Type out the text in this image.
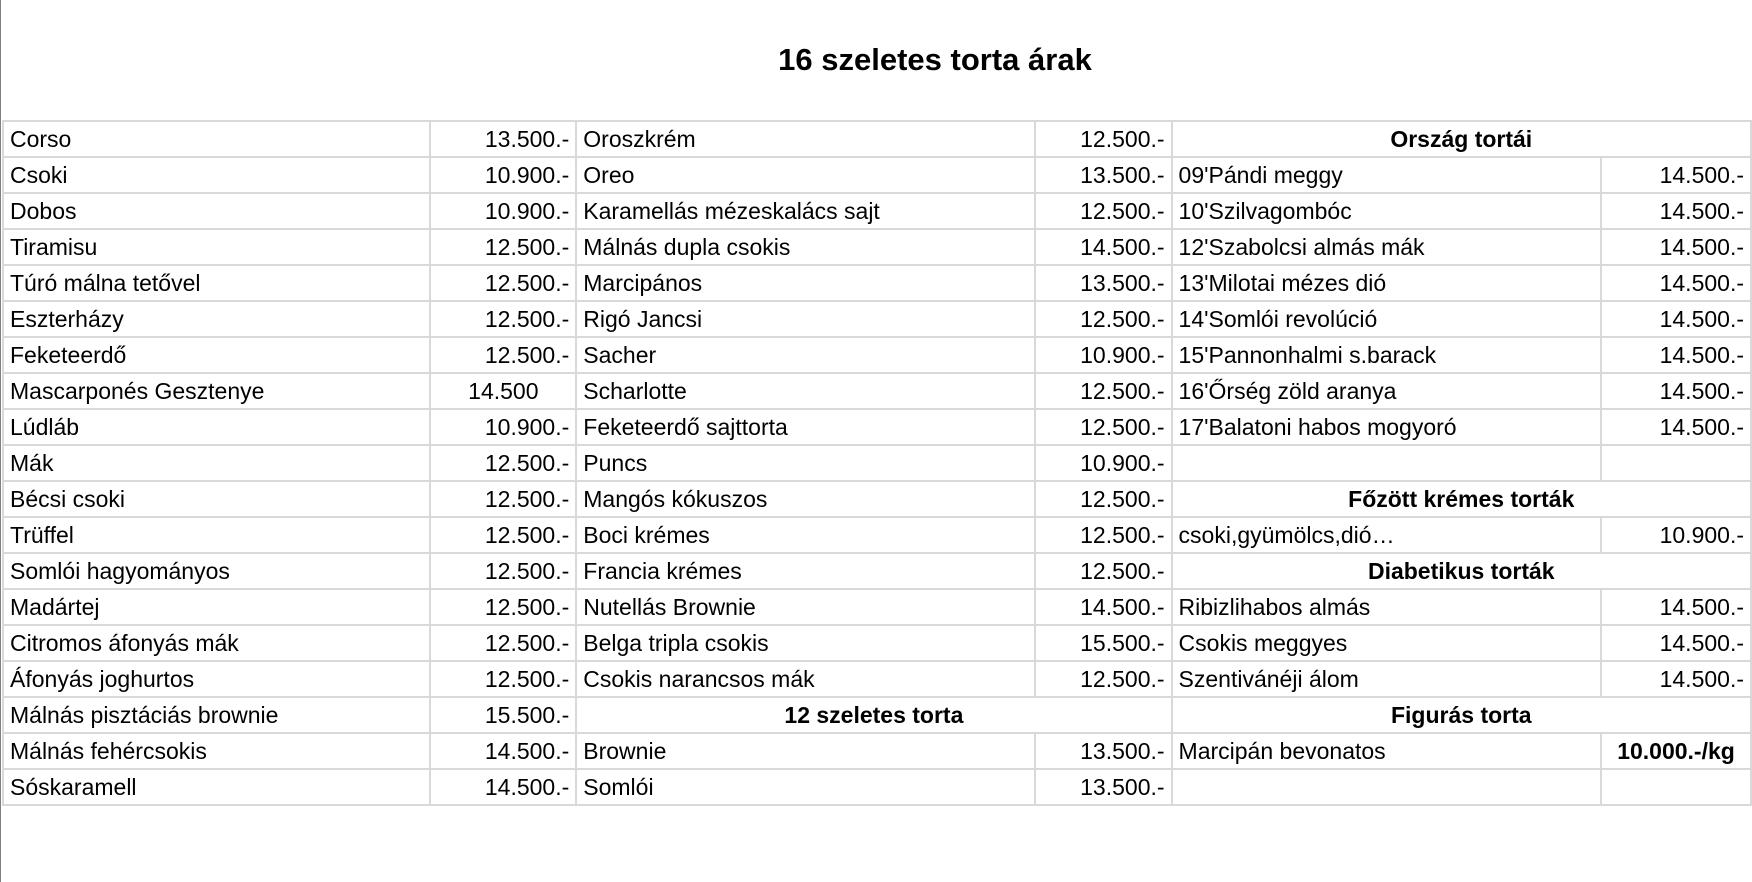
16 szeletes torta árak
Corso	13.500.-	Oroszkrém	12.500.-	Ország tortái	
Csoki	10.900.-	Oreo	13.500.-	09'Pándi meggy	14.500.-
Dobos	10.900.-	Karamellás mézeskalács sajt	12.500.-	10'Szilvagombóc	14.500.-
Tiramisu	12.500.-	Málnás dupla csokis	14.500.-	12'Szabolcsi almás mák	14.500.-
Túró málna tetővel	12.500.-	Marcipános	13.500.-	13'Milotai mézes dió	14.500.-
Eszterházy	12.500.-	Rigó Jancsi	12.500.-	14'Somlói revolúció	14.500.-
Feketeerdő	12.500.-	Sacher	10.900.-	15'Pannonhalmi s.barack	14.500.-
Mascarponés Gesztenye	14.500	Scharlotte	12.500.-	16'Őrség zöld aranya	14.500.-
Lúdláb	10.900.-	Feketeerdő sajttorta	12.500.-	17'Balatoni habos mogyoró	14.500.-
Mák	12.500.-	Puncs	10.900.-		
Bécsi csoki	12.500.-	Mangós kókuszos	12.500.-	Főzött krémes torták	
Trüffel	12.500.-	Boci krémes	12.500.-	csoki,gyümölcs,dió…	10.900.-
Somlói hagyományos	12.500.-	Francia krémes	12.500.-	Diabetikus torták	
Madártej	12.500.-	Nutellás Brownie	14.500.-	Ribizlihabos almás	14.500.-
Citromos áfonyás mák	12.500.-	Belga tripla csokis	15.500.-	Csokis meggyes	14.500.-
Áfonyás joghurtos	12.500.-	Csokis narancsos mák	12.500.-	Szentivánéji álom	14.500.-
Málnás pisztáciás brownie	15.500.-	12 szeletes torta		Figurás torta	
Málnás fehércsokis	14.500.-	Brownie	13.500.-	Marcipán bevonatos	10.000.-/kg
Sóskaramell	14.500.-	Somlói	13.500.-		
